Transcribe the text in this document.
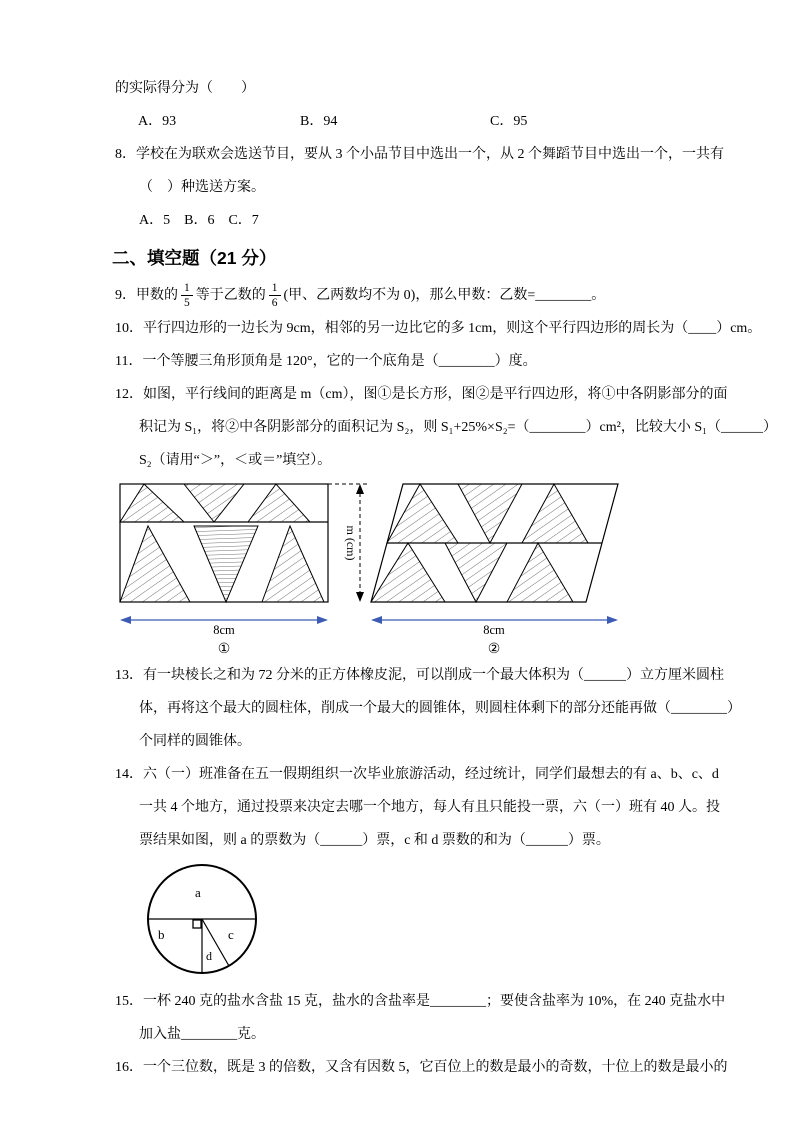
的实际得分为（　　）
A．93	B．94	C．95
8．学校在为联欢会选送节目，要从 3 个小品节目中选出一个，从 2 个舞蹈节目中选出一个，一共有
（　）种选送方案。
A．5　B．6　C．7
二、填空题（21 分）
9．甲数的 $\frac{1}{5}$ 等于乙数的 $\frac{1}{6}$ (甲、乙两数均不为 0)，那么甲数：乙数=________。
10．平行四边形的一边长为 9cm，相邻的另一边比它的多 1cm，则这个平行四边形的周长为（____）cm。
11．一个等腰三角形顶角是 120°，它的一个底角是（________）度。
12．如图，平行线间的距离是 m（cm），图①是长方形，图②是平行四边形，将①中各阴影部分的面
积记为 S₁，将②中各阴影部分的面积记为 S₂，则 S₁+25%×S₂=（________）cm²，比较大小 S₁（______）
S₂（请用“＞”，＜或＝”填空）。
m (cm)
8cm	8cm
①	②
13．有一块棱长之和为 72 分米的正方体橡皮泥，可以削成一个最大体积为（______）立方厘米圆柱
体，再将这个最大的圆柱体，削成一个最大的圆锥体，则圆柱体剩下的部分还能再做（________）
个同样的圆锥体。
14．六（一）班准备在五一假期组织一次毕业旅游活动，经过统计，同学们最想去的有 a、b、c、d
一共 4 个地方，通过投票来决定去哪一个地方，每人有且只能投一票，六（一）班有 40 人。投
票结果如图，则 a 的票数为（______）票，c 和 d 票数的和为（______）票。
a
b	c
d
15．一杯 240 克的盐水含盐 15 克，盐水的含盐率是________；要使含盐率为 10%，在 240 克盐水中
加入盐________克。
16．一个三位数，既是 3 的倍数，又含有因数 5，它百位上的数是最小的奇数，十位上的数是最小的
